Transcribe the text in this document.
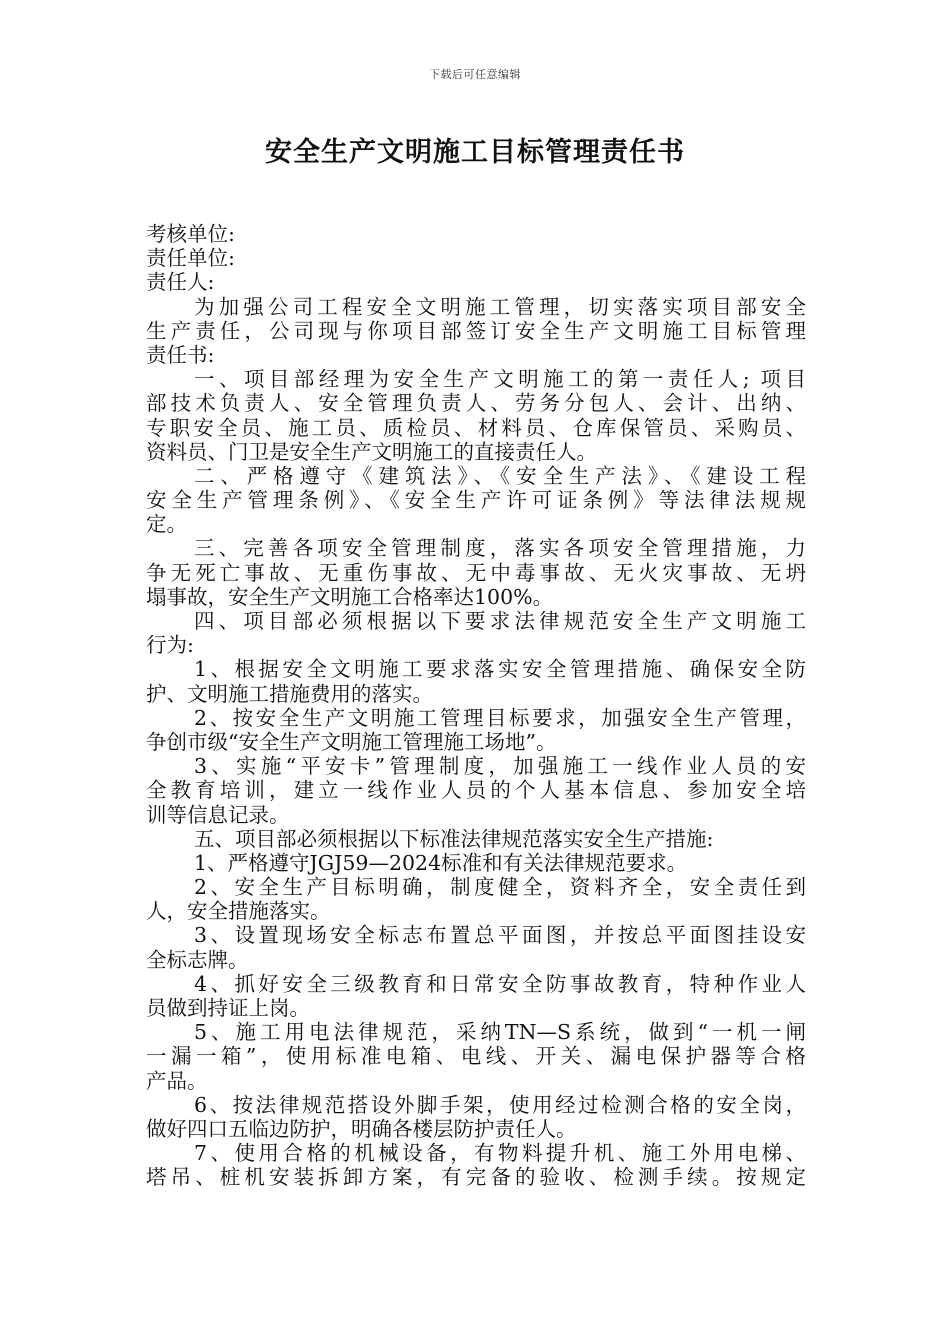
下载后可任意编辑
安全生产文明施工目标管理责任书
考核单位:
责任单位:
责任人:
为加强公司工程安全文明施工管理，切实落实项目部安全
生产责任，公司现与你项目部签订安全生产文明施工目标管理
责任书:
一、项目部经理为安全生产文明施工的第一责任人; 项目
部技术负责人、安全管理负责人、劳务分包人、会计、出纳、
专职安全员、施工员、质检员、材料员、仓库保管员、采购员、
资料员、门卫是安全生产文明施工的直接责任人。
二、严格遵守《建筑法》、《安全生产法》、《建设工程
安全生产管理条例》、《安全生产许可证条例》等法律法规规
定。
三、完善各项安全管理制度，落实各项安全管理措施，力
争无死亡事故、无重伤事故、无中毒事故、无火灾事故、无坍
塌事故，安全生产文明施工合格率达100%。
四、项目部必须根据以下要求法律规范安全生产文明施工
行为:
1、根据安全文明施工要求落实安全管理措施、确保安全防
护、文明施工措施费用的落实。
2、按安全生产文明施工管理目标要求，加强安全生产管理，
争创市级“安全生产文明施工管理施工场地”。
3、实施“平安卡”管理制度，加强施工一线作业人员的安
全教育培训，建立一线作业人员的个人基本信息、参加安全培
训等信息记录。
五、项目部必须根据以下标准法律规范落实安全生产措施:
1、严格遵守JGJ59—2024标准和有关法律规范要求。
2、安全生产目标明确，制度健全，资料齐全，安全责任到
人，安全措施落实。
3、设置现场安全标志布置总平面图，并按总平面图挂设安
全标志牌。
4、抓好安全三级教育和日常安全防事故教育，特种作业人
员做到持证上岗。
5、施工用电法律规范，采纳TN—S系统，做到“一机一闸
一漏一箱”，使用标准电箱、电线、开关、漏电保护器等合格
产品。
6、按法律规范搭设外脚手架，使用经过检测合格的安全岗，
做好四口五临边防护，明确各楼层防护责任人。
7、使用合格的机械设备，有物料提升机、施工外用电梯、
塔吊、桩机安装拆卸方案，有完备的验收、检测手续。按规定
